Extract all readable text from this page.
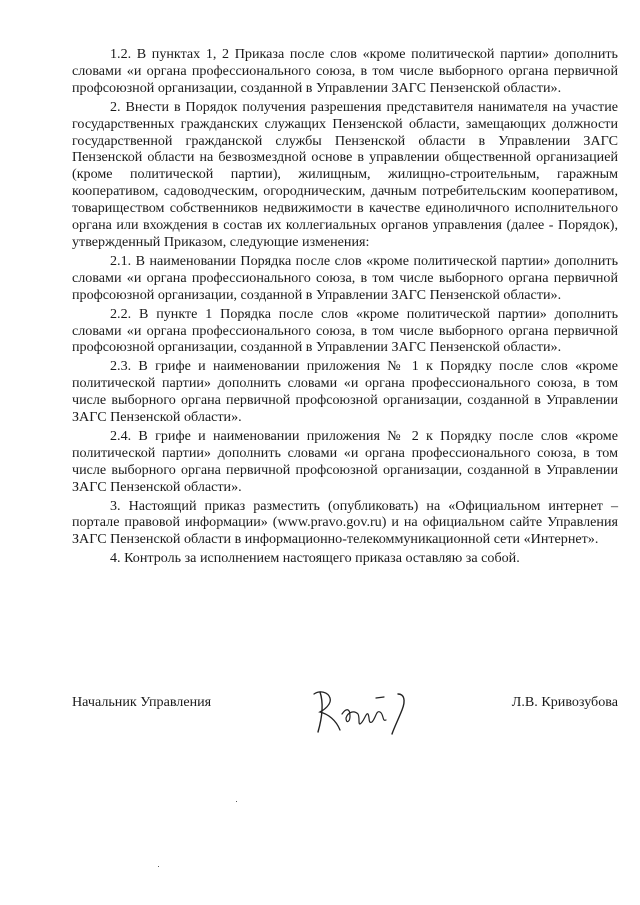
1.2. В пунктах 1, 2 Приказа после слов «кроме политической партии» дополнить словами «и органа профессионального союза, в том числе выборного органа первичной профсоюзной организации, созданной в Управлении ЗАГС Пензенской области».

2. Внести в Порядок получения разрешения представителя нанимателя на участие государственных гражданских служащих Пензенской области, замещающих должности государственной гражданской службы Пензенской области в Управлении ЗАГС Пензенской области на безвозмездной основе в управлении общественной организацией (кроме политической партии), жилищным, жилищно-строительным, гаражным кооперативом, садоводческим, огородническим, дачным потребительским кооперативом, товариществом собственников недвижимости в качестве единоличного исполнительного органа или вхождения в состав их коллегиальных органов управления (далее - Порядок), утвержденный Приказом, следующие изменения:

2.1. В наименовании Порядка после слов «кроме политической партии» дополнить словами «и органа профессионального союза, в том числе выборного органа первичной профсоюзной организации, созданной в Управлении ЗАГС Пензенской области».

2.2. В пункте 1 Порядка после слов «кроме политической партии» дополнить словами «и органа профессионального союза, в том числе выборного органа первичной профсоюзной организации, созданной в Управлении ЗАГС Пензенской области».

2.3. В грифе и наименовании приложения № 1 к Порядку после слов «кроме политической партии» дополнить словами «и органа профессионального союза, в том числе выборного органа первичной профсоюзной организации, созданной в Управлении ЗАГС Пензенской области».

2.4. В грифе и наименовании приложения № 2 к Порядку после слов «кроме политической партии» дополнить словами «и органа профессионального союза, в том числе выборного органа первичной профсоюзной организации, созданной в Управлении ЗАГС Пензенской области».

3. Настоящий приказ разместить (опубликовать) на «Официальном интернет – портале правовой информации» (www.pravo.gov.ru) и на официальном сайте Управления ЗАГС Пензенской области в информационно-телекоммуникационной сети «Интернет».

4. Контроль за исполнением настоящего приказа оставляю за собой.

Начальник Управления	Л.В. Кривозубова
